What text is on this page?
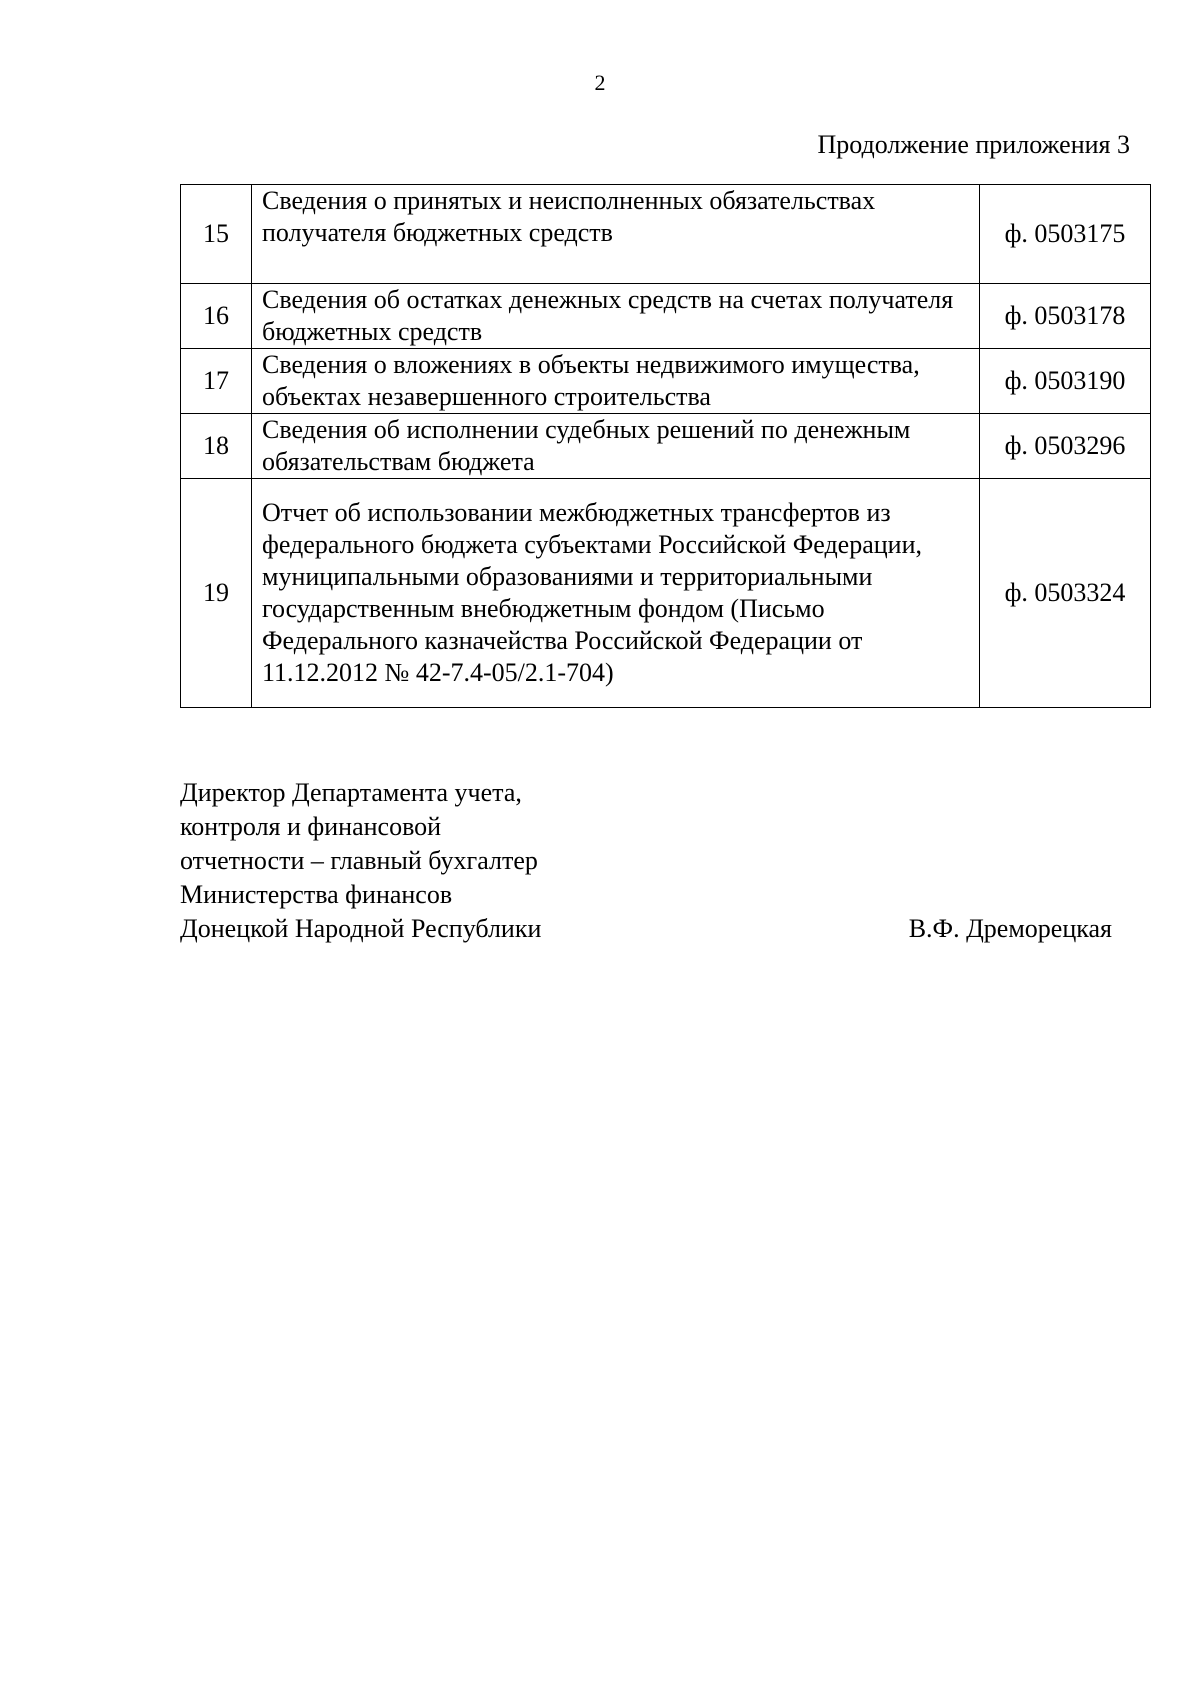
2
Продолжение приложения 3
15	Сведения о принятых и неисполненных обязательствах получателя бюджетных средств	ф. 0503175
16	Сведения об остатках денежных средств на счетах получателя бюджетных средств	ф. 0503178
17	Сведения о вложениях в объекты недвижимого имущества, объектах незавершенного строительства	ф. 0503190
18	Сведения об исполнении судебных решений по денежным обязательствам бюджета	ф. 0503296
19	Отчет об использовании межбюджетных трансфертов из федерального бюджета субъектами Российской Федерации, муниципальными образованиями и территориальными государственным внебюджетным фондом (Письмо Федерального казначейства Российской Федерации от 11.12.2012 № 42-7.4-05/2.1-704)	ф. 0503324
Директор Департамента учета,
контроля и финансовой
отчетности – главный бухгалтер
Министерства финансов
Донецкой Народной Республики	В.Ф. Дреморецкая
